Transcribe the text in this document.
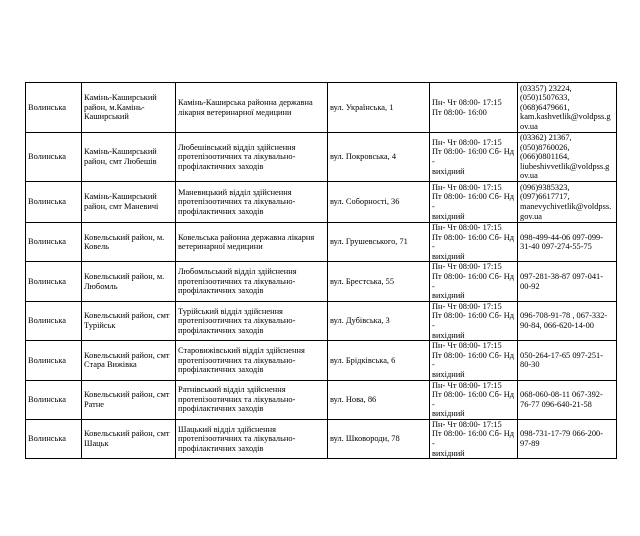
Волинська	Камінь-Каширський район, м.Камінь-Каширський	Камінь-Каширська районна державна лікарня ветеринарної медицини	вул. Українська, 1	Пн- Чт 08:00- 17:15
Пт 08:00- 16:00	(03357) 23224,
(050)1507633,
(068)6479661,
kam.kashvetlik@voldpss.g
ov.ua

Волинська	Камінь-Каширський район, смт Любешів	Любешівський відділ здійснення протепізоотичних та лікувально-профілактичних заходів	вул. Покровська, 4	Пн- Чт 08:00- 17:15
Пт 08:00- 16:00 Сб- Нд -
вихідний	(03362) 21367,
(050)8760026,
(066)0801164,
liubeshivvetlik@voldpss.g
ov.ua

Волинська	Камінь-Каширський район, смт Маневичі	Маневицький відділ здійснення протепізоотичних та лікувально-профілактичних заходів	вул. Соборності, 36	Пн- Чт 08:00- 17:15
Пт 08:00- 16:00 Сб- Нд -
вихідний	(096)9385323,
(097)6617717,
manevychivetlik@voldpss.
gov.ua

Волинська	Ковельський район, м. Ковель	Ковельська районна державна лікарня ветеринарної медицини	вул. Грушевського, 71	Пн- Чт 08:00- 17:15
Пт 08:00- 16:00 Сб- Нд -
вихідний	098-499-44-06 097-099-
31-40 097-274-55-75

Волинська	Ковельський район, м. Любомль	Любомльський відділ здійснення протепізоотичних та лікувально-профілактичних заходів	вул. Брестська, 55	Пн- Чт 08:00- 17:15
Пт 08:00- 16:00 Сб- Нд -
вихідний	097-281-38-87 097-041-
00-92

Волинська	Ковельський район, смт Турійськ	Турійський відділ здійснення протепізоотичних та лікувально-профілактичних заходів	вул. Дубівська, 3	Пн- Чт 08:00- 17:15
Пт 08:00- 16:00 Сб- Нд -
вихідний	096-708-91-78 , 067-332-
90-84, 066-620-14-00

Волинська	Ковельський район, смт Стара Вижівка	Старовижівський відділ здійснення протепізоотичних та лікувально-профілактичних заходів	вул. Брідківська, 6	Пн- Чт 08:00- 17:15
Пт 08:00- 16:00 Сб- Нд -
вихідний	050-264-17-65 097-251-
80-30

Волинська	Ковельський район, смт Ратне	Ратнівський відділ здійснення протепізоотичних та лікувально-профілактичних заходів	вул. Нова, 86	Пн- Чт 08:00- 17:15
Пт 08:00- 16:00 Сб- Нд -
вихідний	068-060-08-11 067-392-
76-77 096-640-21-58

Волинська	Ковельський район, смт Шацьк	Шацький відділ здійснення протепізоотичних та лікувально-профілактичних заходів	вул. Шковороди, 78	Пн- Чт 08:00- 17:15
Пт 08:00- 16:00 Сб- Нд -
вихідний	098-731-17-79 066-200-
97-89
